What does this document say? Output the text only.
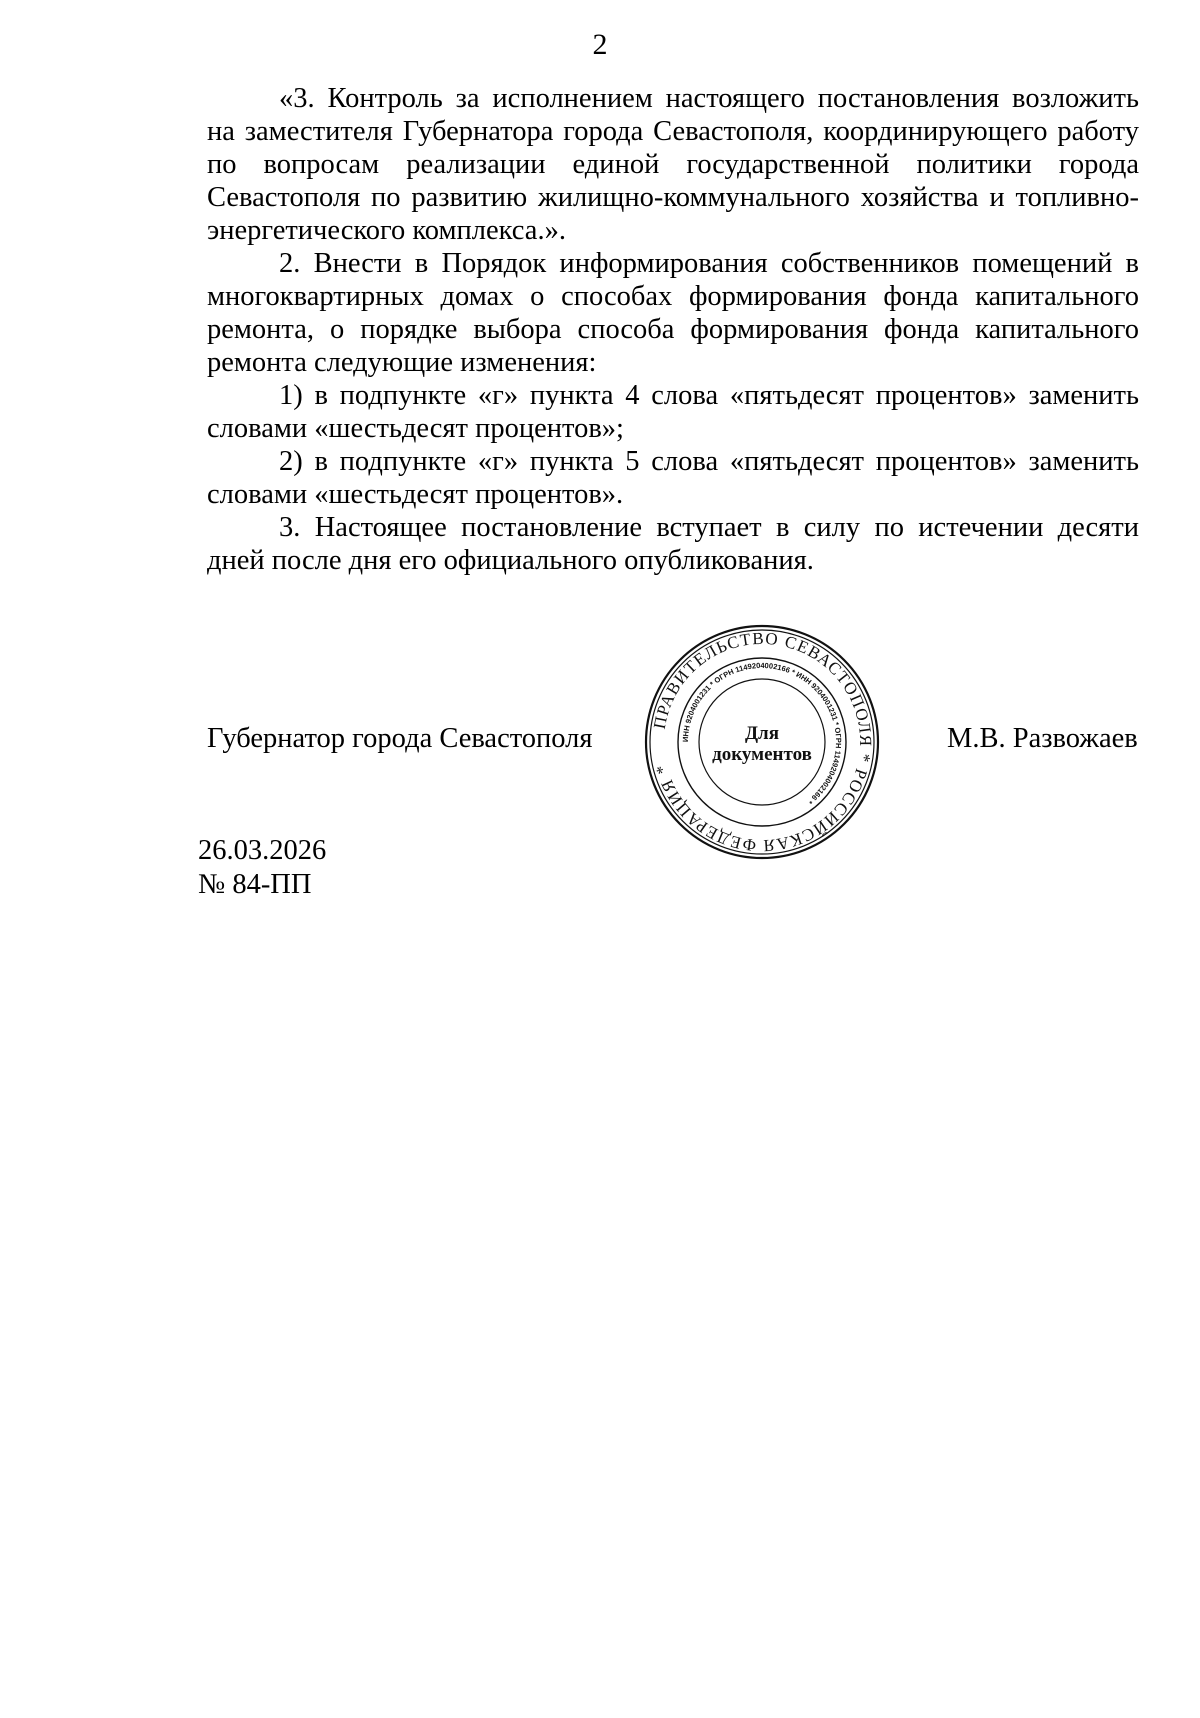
2

«3. Контроль за исполнением настоящего постановления возложить на заместителя Губернатора города Севастополя, координирующего работу по вопросам реализации единой государственной политики города Севастополя по развитию жилищно-коммунального хозяйства и топливно-энергетического комплекса.».

2. Внести в Порядок информирования собственников помещений в многоквартирных домах о способах формирования фонда капитального ремонта, о порядке выбора способа формирования фонда капитального ремонта следующие изменения:

1) в подпункте «г» пункта 4 слова «пятьдесят процентов» заменить словами «шестьдесят процентов»;

2) в подпункте «г» пункта 5 слова «пятьдесят процентов» заменить словами «шестьдесят процентов».

3. Настоящее постановление вступает в силу по истечении десяти дней после дня его официального опубликования.

Губернатор города Севастополя
ПРАВИТЕЛЬСТВО СЕВАСТОПОЛЯ * РОССИЙСКАЯ ФЕДЕРАЦИЯ *
ИНН 9204001231 * ОГРН 1149204002166 * ИНН 9204001231 * ОГРН 1149204002166 *
Для
документов
М.В. Развожаев
26.03.2026
№ 84-ПП
